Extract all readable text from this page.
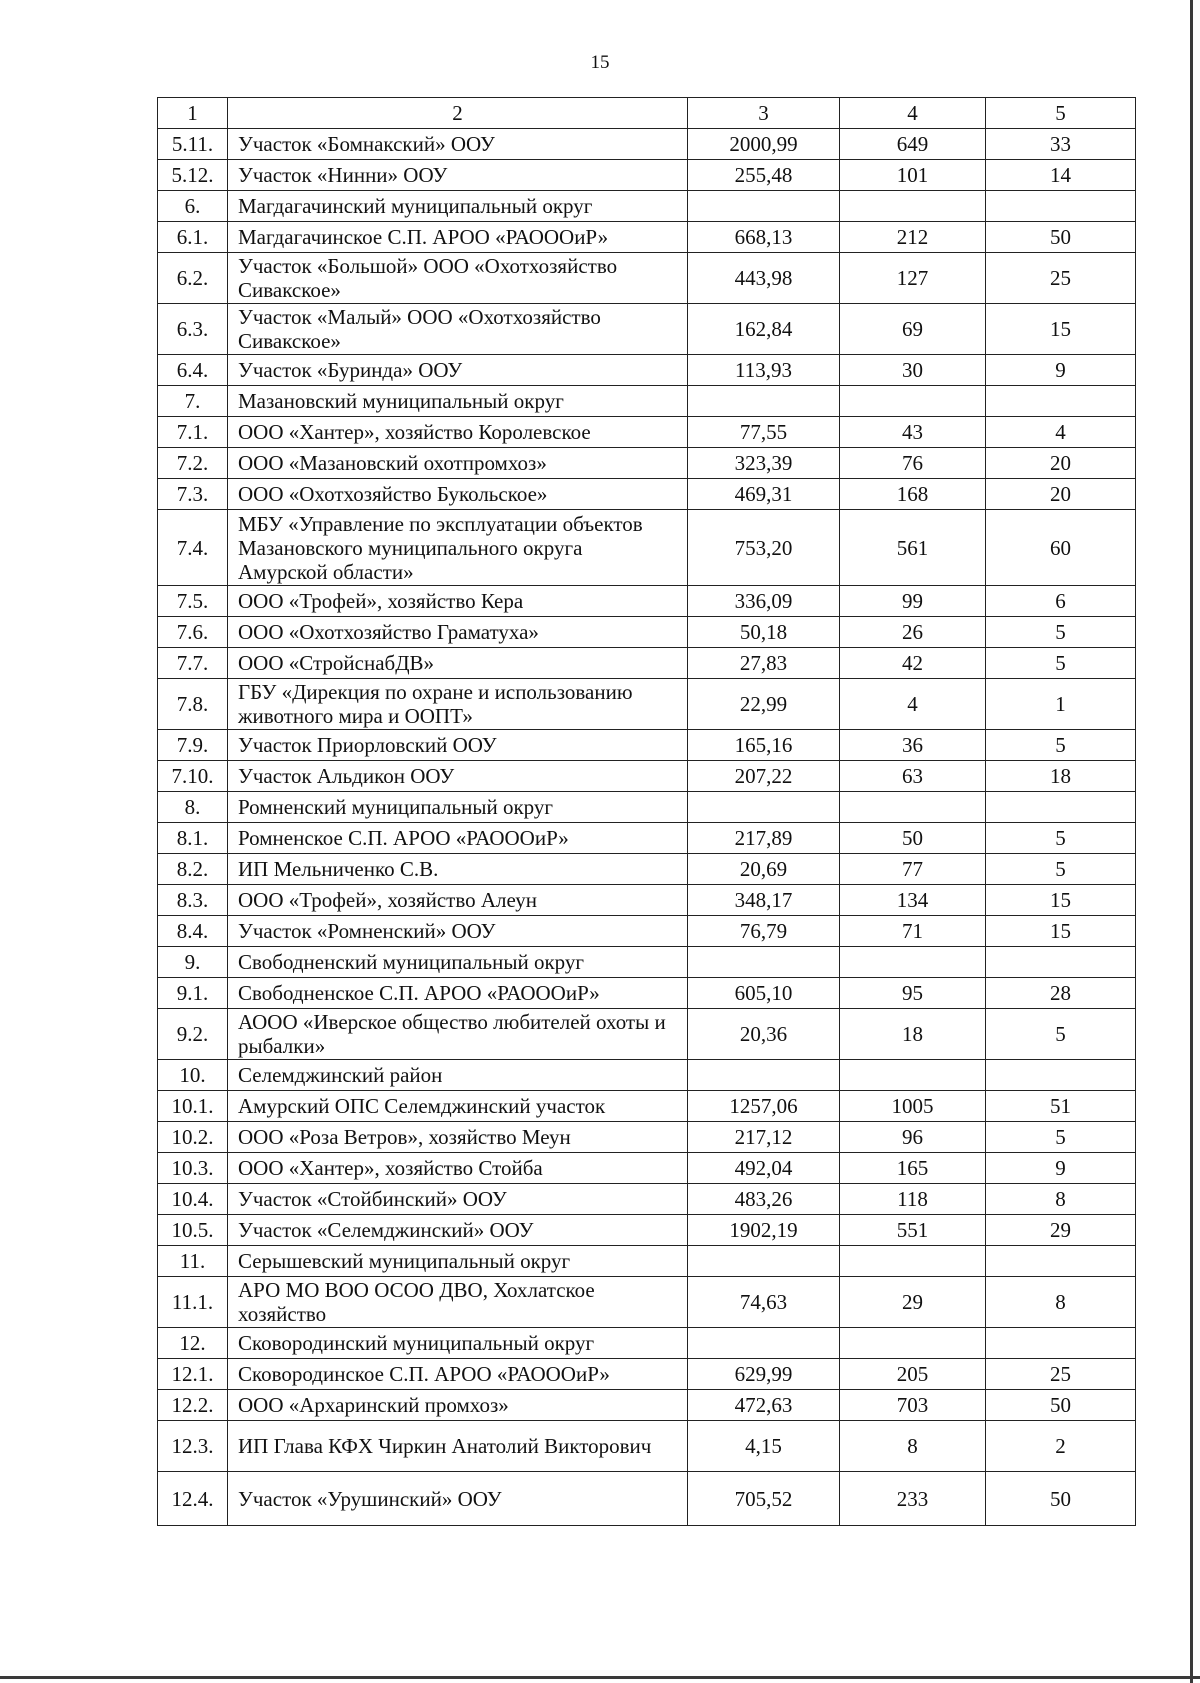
15
1	2	3	4	5
5.11.	Участок «Бомнакский» ООУ	2000,99	649	33
5.12.	Участок «Нинни» ООУ	255,48	101	14
6.	Магдагачинский муниципальный округ			
6.1.	Магдагачинское С.П. АРОО «РАОООиР»	668,13	212	50
6.2.	Участок «Большой» ООО «Охотхозяйство Сивакское»	443,98	127	25
6.3.	Участок «Малый» ООО «Охотхозяйство Сивакское»	162,84	69	15
6.4.	Участок «Буринда» ООУ	113,93	30	9
7.	Мазановский муниципальный округ			
7.1.	ООО «Хантер», хозяйство Королевское	77,55	43	4
7.2.	ООО «Мазановский охотпромхоз»	323,39	76	20
7.3.	ООО «Охотхозяйство Букольское»	469,31	168	20
7.4.	МБУ «Управление по эксплуатации объектов Мазановского муниципального округа Амурской области»	753,20	561	60
7.5.	ООО «Трофей», хозяйство Кера	336,09	99	6
7.6.	ООО «Охотхозяйство Граматуха»	50,18	26	5
7.7.	ООО «СтройснабДВ»	27,83	42	5
7.8.	ГБУ «Дирекция по охране и использованию животного мира и ООПТ»	22,99	4	1
7.9.	Участок Приорловский ООУ	165,16	36	5
7.10.	Участок Альдикон ООУ	207,22	63	18
8.	Ромненский муниципальный округ			
8.1.	Ромненское С.П. АРОО «РАОООиР»	217,89	50	5
8.2.	ИП Мельниченко С.В.	20,69	77	5
8.3.	ООО «Трофей», хозяйство Алеун	348,17	134	15
8.4.	Участок «Ромненский» ООУ	76,79	71	15
9.	Свободненский муниципальный округ			
9.1.	Свободненское С.П. АРОО «РАОООиР»	605,10	95	28
9.2.	АООО «Иверское общество любителей охоты и рыбалки»	20,36	18	5
10.	Селемджинский район			
10.1.	Амурский ОПС Селемджинский участок	1257,06	1005	51
10.2.	ООО «Роза Ветров», хозяйство Меун	217,12	96	5
10.3.	ООО «Хантер», хозяйство Стойба	492,04	165	9
10.4.	Участок «Стойбинский» ООУ	483,26	118	8
10.5.	Участок «Селемджинский» ООУ	1902,19	551	29
11.	Серышевский муниципальный округ			
11.1.	АРО МО ВОО ОСОО ДВО, Хохлатское хозяйство	74,63	29	8
12.	Сковородинский муниципальный округ			
12.1.	Сковородинское С.П. АРОО «РАОООиР»	629,99	205	25
12.2.	ООО «Архаринский промхоз»	472,63	703	50
12.3.	ИП Глава КФХ Чиркин Анатолий Викторович	4,15	8	2
12.4.	Участок «Урушинский» ООУ	705,52	233	50
